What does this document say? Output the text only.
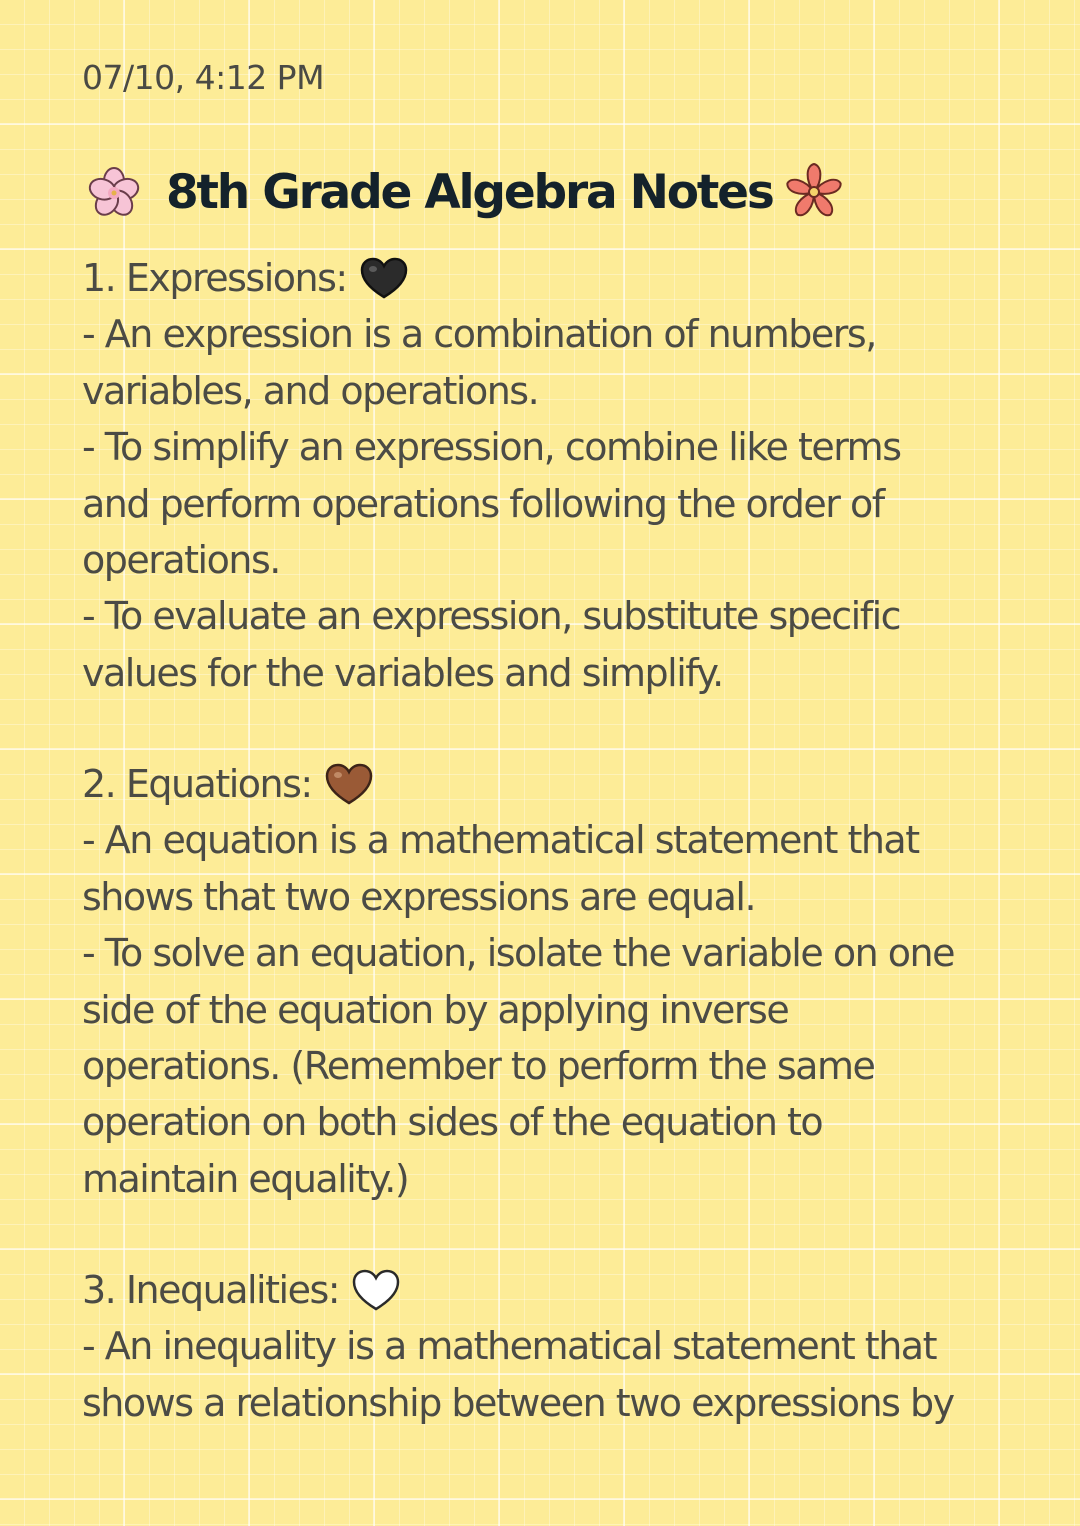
07/10, 4:12 PM
8th Grade Algebra Notes
1. Expressions:
- An expression is a combination of numbers,
variables, and operations.
- To simplify an expression, combine like terms
and perform operations following the order of
operations.
- To evaluate an expression, substitute specific
values for the variables and simplify.
2. Equations:
- An equation is a mathematical statement that
shows that two expressions are equal.
- To solve an equation, isolate the variable on one
side of the equation by applying inverse
operations. (Remember to perform the same
operation on both sides of the equation to
maintain equality.)
3. Inequalities:
- An inequality is a mathematical statement that
shows a relationship between two expressions by
